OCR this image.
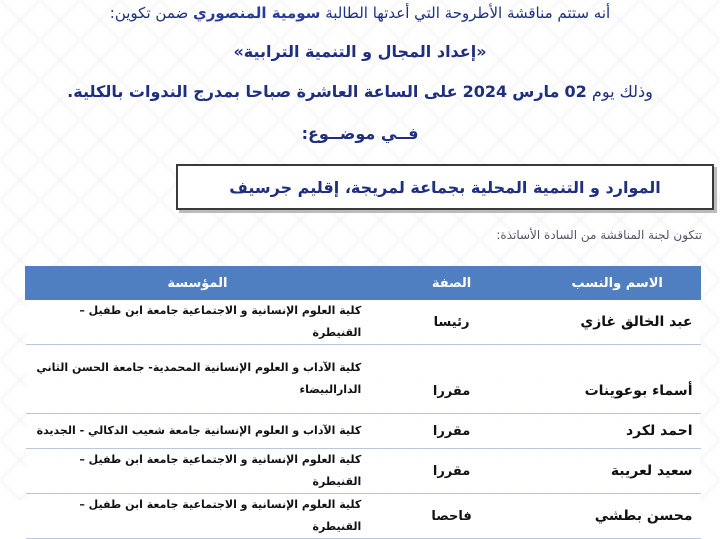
أنه ستتم مناقشة الأطروحة التي أعدتها الطالبة سومية المنصوري ضمن تكوين:
«إعداد المجال و التنمية الترابية»
وذلك يوم 02 مارس 2024 على الساعة العاشرة صباحا بمدرج الندوات بالكلية.
فــي موضــوع:
الموارد و التنمية المحلية بجماعة لمريجة، إقليم جرسيف
تتكون لجنة المناقشة من السادة الأساتذة:
الاسم والنسب	الصفة	المؤسسة
عبد الخالق غازي	رئيسا	كلية العلوم الإنسانية و الاجتماعية جامعة ابن طفيل – القنيطرة
أسماء بوعوينات	مقررا	كلية الآداب و العلوم الإنسانية المحمدية- جامعة الحسن الثاني
الدارالبيضاء

احمد لكرد	مقررا	كلية الآداب و العلوم الإنسانية جامعة شعيب الدكالي - الجديدة
سعيد لعريبة	مقررا	كلية العلوم الإنسانية و الاجتماعية جامعة ابن طفيل – القنيطرة
محسن بطشي	فاحصا	كلية العلوم الإنسانية و الاجتماعية جامعة ابن طفيل – القنيطرة
